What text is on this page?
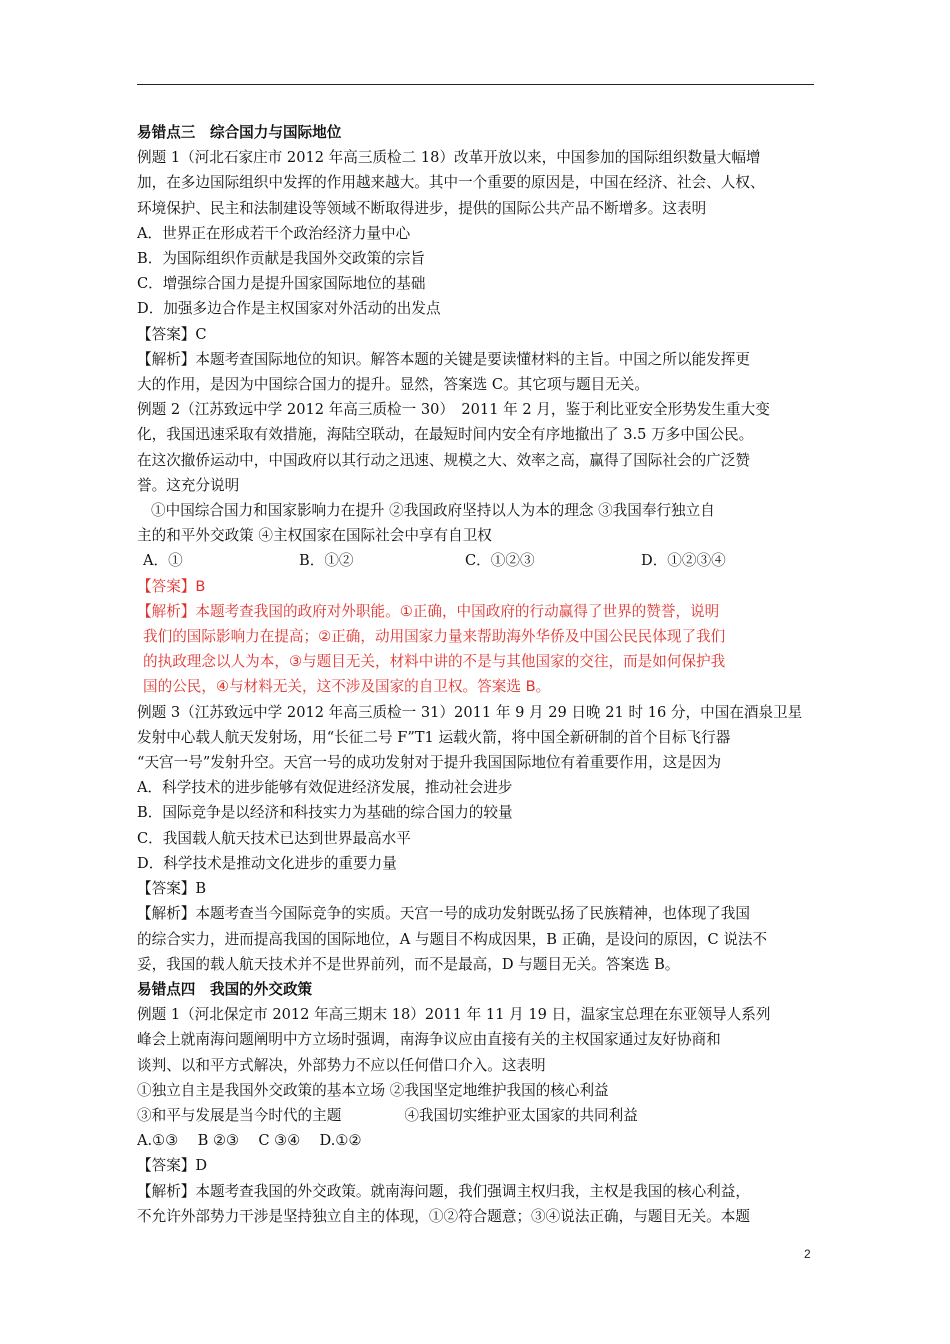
易错点三　综合国力与国际地位
例题 1（河北石家庄市 2012 年高三质检二 18）改革开放以来，中国参加的国际组织数量大幅增
加，在多边国际组织中发挥的作用越来越大。其中一个重要的原因是，中国在经济、社会、人权、
环境保护、民主和法制建设等领域不断取得进步，提供的国际公共产品不断增多。这表明
A．世界正在形成若干个政治经济力量中心
B．为国际组织作贡献是我国外交政策的宗旨
C．增强综合国力是提升国家国际地位的基础
D．加强多边合作是主权国家对外活动的出发点
【答案】C
【解析】本题考查国际地位的知识。解答本题的关键是要读懂材料的主旨。中国之所以能发挥更
大的作用，是因为中国综合国力的提升。显然，答案选 C。其它项与题目无关。
例题 2（江苏致远中学 2012 年高三质检一 30）　2011 年 2 月，鉴于利比亚安全形势发生重大变
化，我国迅速采取有效措施，海陆空联动，在最短时间内安全有序地撤出了 3.5 万多中国公民。
在这次撤侨运动中，中国政府以其行动之迅速、规模之大、效率之高，赢得了国际社会的广泛赞
誉。这充分说明
①中国综合国力和国家影响力在提升 ②我国政府坚持以人为本的理念 ③我国奉行独立自
主的和平外交政策 ④主权国家在国际社会中享有自卫权
A．①	B．①②	C．①②③	D．①②③④
【答案】B
【解析】本题考查我国的政府对外职能。①正确，中国政府的行动赢得了世界的赞誉，说明
我们的国际影响力在提高；②正确，动用国家力量来帮助海外华侨及中国公民民体现了我们
的执政理念以人为本，③与题目无关，材料中讲的不是与其他国家的交往，而是如何保护我
国的公民，④与材料无关，这不涉及国家的自卫权。答案选 B。
例题 3（江苏致远中学 2012 年高三质检一 31）2011 年 9 月 29 日晚 21 时 16 分，中国在酒泉卫星
发射中心载人航天发射场，用“长征二号 F”T1 运载火箭，将中国全新研制的首个目标飞行器
“天宫一号”发射升空。天宫一号的成功发射对于提升我国国际地位有着重要作用，这是因为
A．科学技术的进步能够有效促进经济发展，推动社会进步
B．国际竞争是以经济和科技实力为基础的综合国力的较量
C．我国载人航天技术已达到世界最高水平
D．科学技术是推动文化进步的重要力量
【答案】B
【解析】本题考查当今国际竞争的实质。天宫一号的成功发射既弘扬了民族精神，也体现了我国
的综合实力，进而提高我国的国际地位，A 与题目不构成因果，B 正确，是设问的原因，C 说法不
妥，我国的载人航天技术并不是世界前列，而不是最高，D 与题目无关。答案选 B。
易错点四　我国的外交政策
例题 1（河北保定市 2012 年高三期末 18）2011 年 11 月 19 日，温家宝总理在东亚领导人系列
峰会上就南海问题阐明中方立场时强调，南海争议应由直接有关的主权国家通过友好协商和
谈判、以和平方式解决，外部势力不应以任何借口介入。这表明
①独立自主是我国外交政策的基本立场 ②我国坚定地维护我国的核心利益
③和平与发展是当今时代的主题　　　　 ④我国切实维护亚太国家的共同利益
A.①③　 B ②③　 C ③④　 D.①②
【答案】D
【解析】本题考查我国的外交政策。就南海问题，我们强调主权归我，主权是我国的核心利益，
不允许外部势力干涉是坚持独立自主的体现，①②符合题意；③④说法正确，与题目无关。本题
2
